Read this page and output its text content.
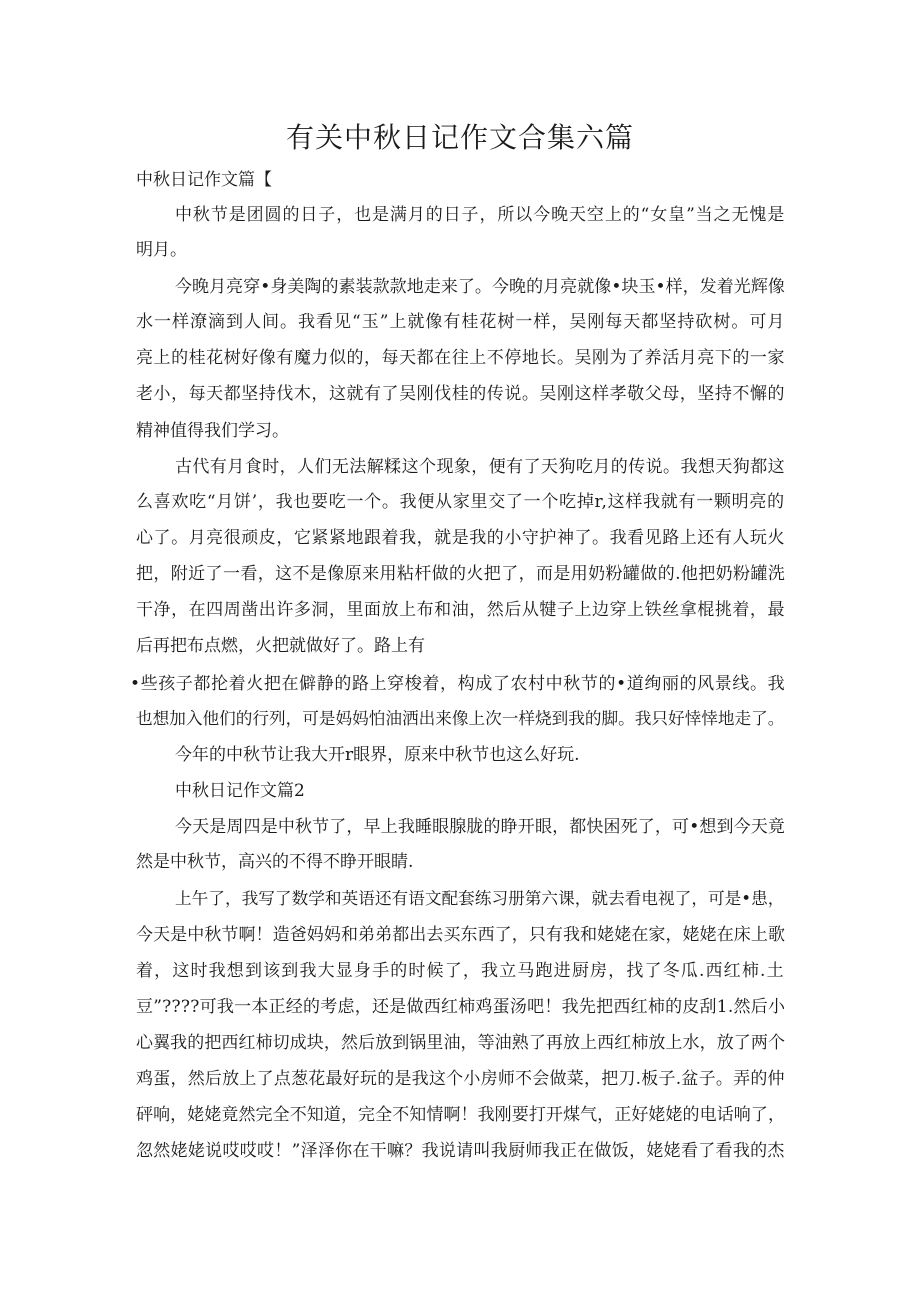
有关中秋日记作文合集六篇

中秋日记作文篇【

中秋节是团圆的日子，也是满月的日子，所以今晚天空上的“女皇”当之无愧是

明月。

今晚月亮穿•身美陶的素装款款地走来了。今晚的月亮就像•块玉•样，发着光辉像

水一样潦滴到人间。我看见“玉”上就像有桂花树一样，吴刚每天都坚持砍树。可月

亮上的桂花树好像有魔力似的，每天都在往上不停地长。吴刚为了养活月亮下的一家

老小，每天都坚持伐木，这就有了吴刚伐桂的传说。吴刚这样孝敬父母，坚持不懈的

精神值得我们学习。

古代有月食时，人们无法解糅这个现象，便有了天狗吃月的传说。我想天狗都这

么喜欢吃“月饼’，我也要吃一个。我便从家里交了一个吃掉r,这样我就有一颗明亮的

心了。月亮很顽皮，它紧紧地跟着我，就是我的小守护神了。我看见路上还有人玩火

把，附近了一看，这不是像原来用粘杆做的火把了，而是用奶粉罐做的.他把奶粉罐洗

干净，在四周凿出许多洞，里面放上布和油，然后从犍子上边穿上铁丝拿棍挑着，最

后再把布点燃，火把就做好了。路上有

•些孩子都抡着火把在僻静的路上穿梭着，构成了农村中秋节的•道绚丽的风景线。我

也想加入他们的行列，可是妈妈怕油洒出来像上次一样烧到我的脚。我只好悻悻地走了。

今年的中秋节让我大开r眼界，原来中秋节也这么好玩.

中秋日记作文篇2

今天是周四是中秋节了，早上我睡眼腺胧的睁开眼，都快困死了，可•想到今天竟

然是中秋节，高兴的不得不睁开眼睛.

上午了，我写了数学和英语还有语文配套练习册第六课，就去看电视了，可是•患，

今天是中秋节啊！造爸妈妈和弟弟都出去买东西了，只有我和姥姥在家，姥姥在床上歌

着，这时我想到该到我大显身手的时候了，我立马跑进厨房，找了冬瓜.西红柿.土

豆”????可我一本正经的考虑，还是做西红柿鸡蛋汤吧！我先把西红柿的皮刮1.然后小

心翼我的把西红柿切成块，然后放到锅里油，等油熟了再放上西红柿放上水，放了两个

鸡蛋，然后放上了点葱花最好玩的是我这个小房师不会做菜，把刀.板子.盆子。弄的仲

砰响，姥姥竟然完全不知道，完全不知情啊！我刚要打开煤气，正好姥姥的电话响了，

忽然姥姥说哎哎哎！”泽泽你在干嘛？我说请叫我厨师我正在做饭，姥姥看了看我的杰
